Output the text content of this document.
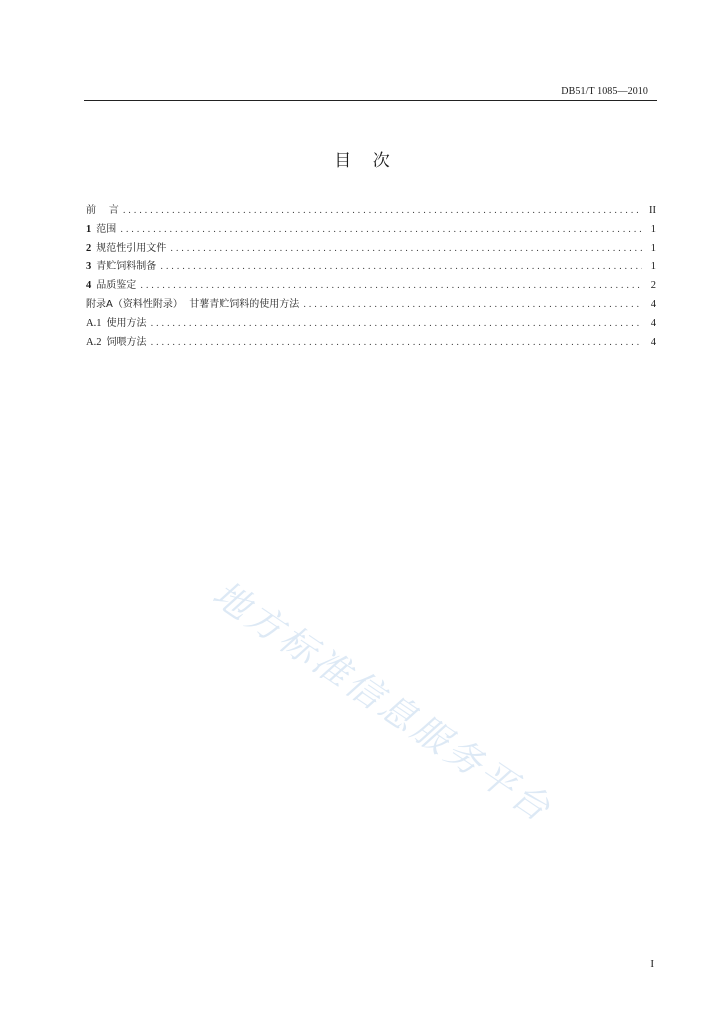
DB51/T 1085—2010
目    次
前    言 .....	II
1 范围 .....	1
2 规范性引用文件 .....	1
3 青贮饲料制备 .....	1
4 品质鉴定 .....	2
附录A（资料性附录）  甘薯青贮饲料的使用方法 .....	4
A.1 使用方法 .....	4
A.2 饲喂方法 .....	4
地方标准信息服务平台
I
